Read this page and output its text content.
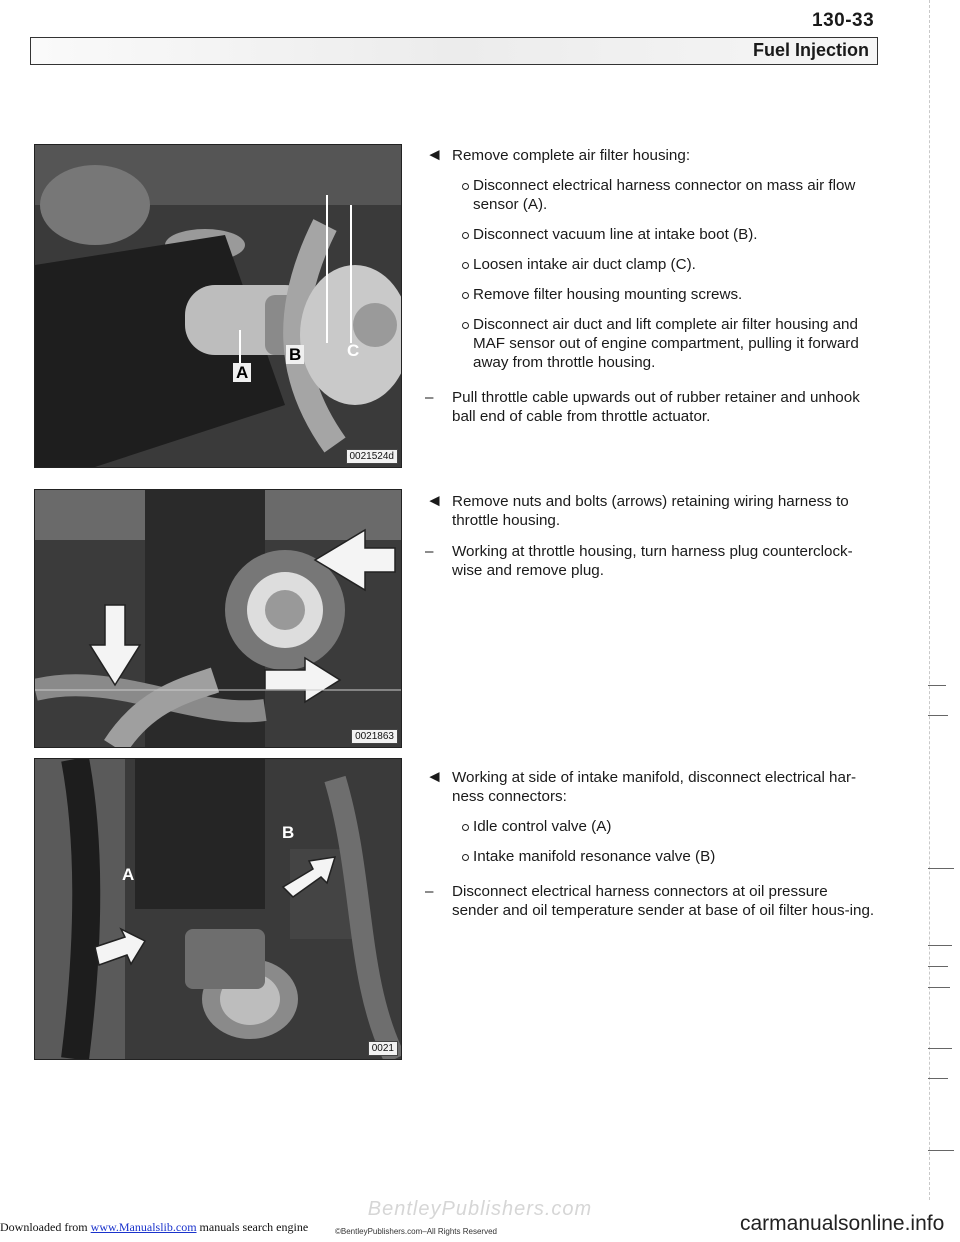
130-33
Fuel Injection
A
B	C
0021524d
0021863
A
B
0021
◄ Remove complete air filter housing:
Disconnect electrical harness connector on mass air flow sensor (A).
Disconnect vacuum line at intake boot (B).
Loosen intake air duct clamp (C).
Remove filter housing mounting screws.
Disconnect air duct and lift complete air filter housing and MAF sensor out of engine compartment, pulling it forward away from throttle housing.
– Pull throttle cable upwards out of rubber retainer and unhook ball end of cable from throttle actuator.
◄ Remove nuts and bolts (arrows) retaining wiring harness to throttle housing.
– Working at throttle housing, turn harness plug counterclock-wise and remove plug.
◄ Working at side of intake manifold, disconnect electrical har-ness connectors:
Idle control valve (A)
Intake manifold resonance valve (B)
– Disconnect electrical harness connectors at oil pressure sender and oil temperature sender at base of oil filter hous-ing.
BentleyPublishers.com
©BentleyPublishers.com–All Rights Reserved
Downloaded from www.Manualslib.com manuals search engine	carmanualsonline.info
